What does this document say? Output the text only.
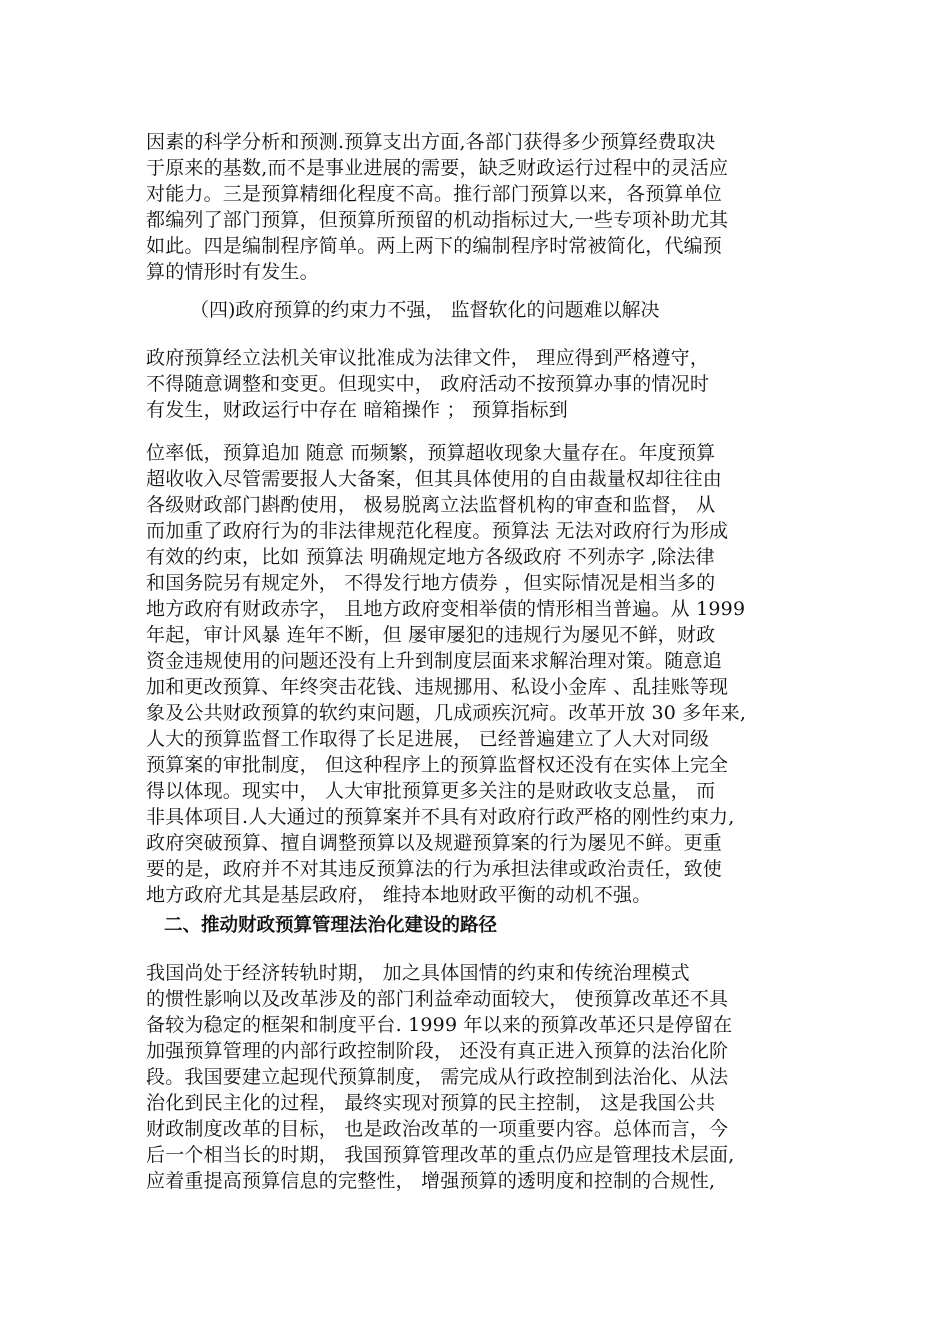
因素的科学分析和预测.预算支出方面,各部门获得多少预算经费取决
于原来的基数,而不是事业进展的需要，缺乏财政运行过程中的灵活应
对能力。三是预算精细化程度不高。推行部门预算以来，各预算单位
都编列了部门预算，但预算所预留的机动指标过大,一些专项补助尤其
如此。四是编制程序简单。两上两下的编制程序时常被简化，代编预
算的情形时有发生。
（四)政府预算的约束力不强， 监督软化的问题难以解决
政府预算经立法机关审议批准成为法律文件， 理应得到严格遵守，
不得随意调整和变更。但现实中， 政府活动不按预算办事的情况时
有发生，财政运行中存在 暗箱操作 ； 预算指标到
位率低，预算追加 随意 而频繁，预算超收现象大量存在。年度预算
超收收入尽管需要报人大备案，但其具体使用的自由裁量权却往往由
各级财政部门斟酌使用， 极易脱离立法监督机构的审查和监督， 从
而加重了政府行为的非法律规范化程度。预算法 无法对政府行为形成
有效的约束，比如 预算法 明确规定地方各级政府 不列赤字 ,除法律
和国务院另有规定外， 不得发行地方债券 ，但实际情况是相当多的
地方政府有财政赤字， 且地方政府变相举债的情形相当普遍。从 1999
年起，审计风暴 连年不断，但 屡审屡犯的违规行为屡见不鲜，财政
资金违规使用的问题还没有上升到制度层面来求解治理对策。随意追
加和更改预算、年终突击花钱、违规挪用、私设小金库 、乱挂账等现
象及公共财政预算的软约束问题，几成顽疾沉疴。改革开放 30 多年来,
人大的预算监督工作取得了长足进展， 已经普遍建立了人大对同级
预算案的审批制度， 但这种程序上的预算监督权还没有在实体上完全
得以体现。现实中， 人大审批预算更多关注的是财政收支总量， 而
非具体项目.人大通过的预算案并不具有对政府行政严格的刚性约束力,
政府突破预算、擅自调整预算以及规避预算案的行为屡见不鲜。更重
要的是，政府并不对其违反预算法的行为承担法律或政治责任，致使
地方政府尤其是基层政府， 维持本地财政平衡的动机不强。
二、推动财政预算管理法治化建设的路径
我国尚处于经济转轨时期， 加之具体国情的约束和传统治理模式
的惯性影响以及改革涉及的部门利益牵动面较大， 使预算改革还不具
备较为稳定的框架和制度平台. 1999 年以来的预算改革还只是停留在
加强预算管理的内部行政控制阶段， 还没有真正进入预算的法治化阶
段。我国要建立起现代预算制度， 需完成从行政控制到法治化、从法
治化到民主化的过程， 最终实现对预算的民主控制， 这是我国公共
财政制度改革的目标， 也是政治改革的一项重要内容。总体而言，今
后一个相当长的时期， 我国预算管理改革的重点仍应是管理技术层面,
应着重提高预算信息的完整性， 增强预算的透明度和控制的合规性,
